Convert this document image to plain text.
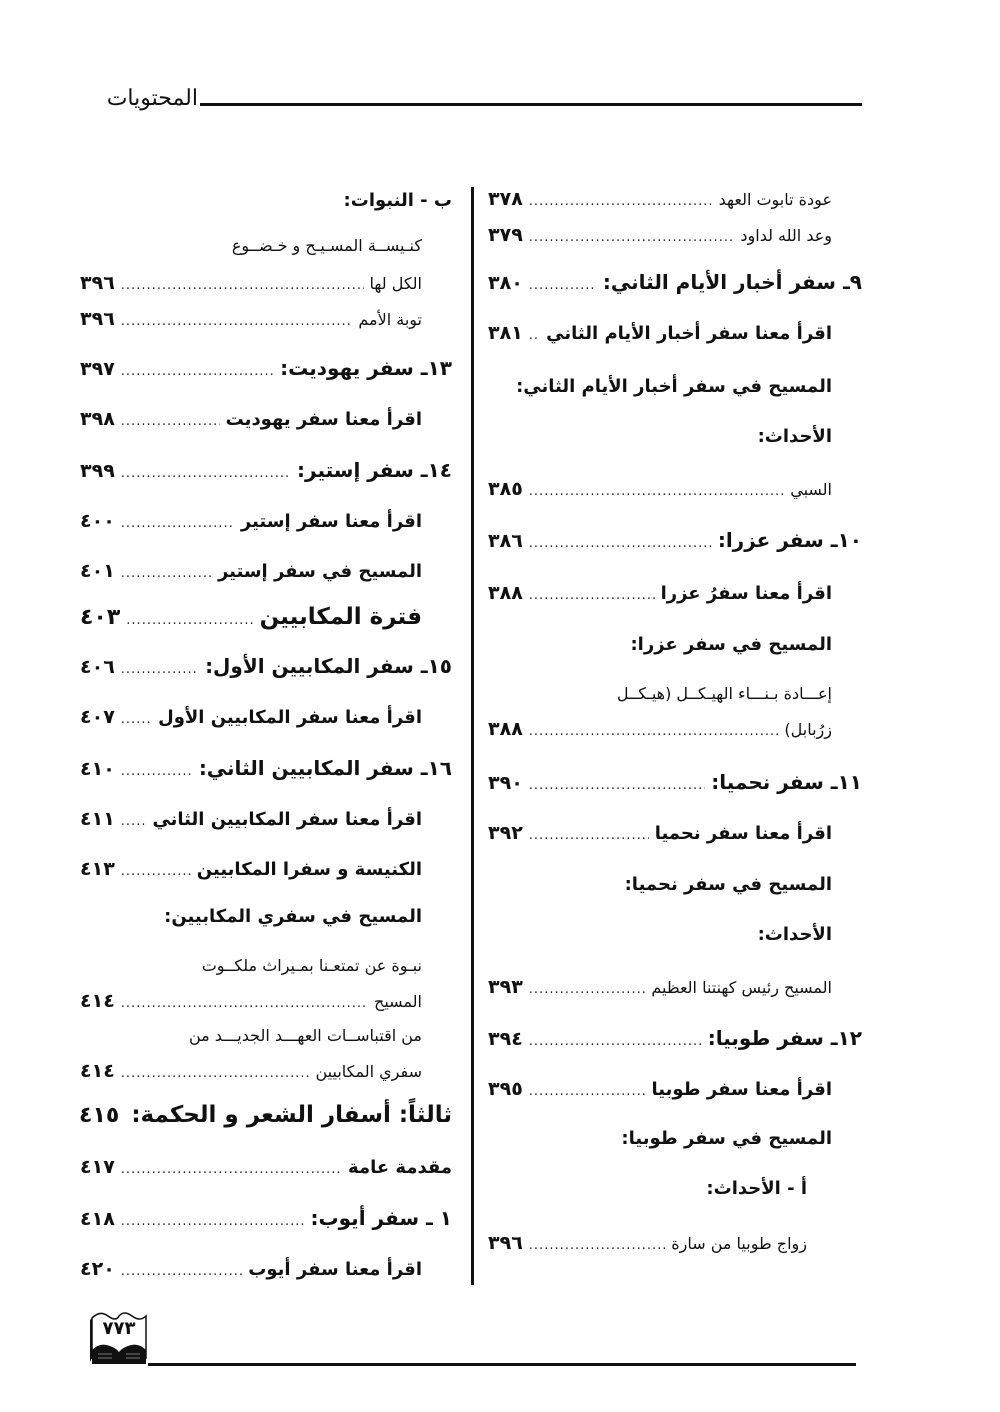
المحتويات
عودة تابوت العهد
.....
٣٧٨
وعد الله لداود
.....
٣٧٩
٩ـ سفر أخبار الأيام الثاني:
.....
٣٨٠
اقرأ معنا سفر أخبار الأيام الثاني
.....
٣٨١
المسيح في سفر أخبار الأيام الثاني:
الأحداث:
السبي
.....
٣٨٥
١٠ـ سفر عزرا:
.....
٣٨٦
اقرأ معنا سفرُ عزرا
.....
٣٨٨
المسيح في سفر عزرا:
إعـــادة بـنـــاء الهيـكــل (هيـكــل
زرُبابل)
.....
٣٨٨
١١ـ سفر نحميا:
.....
٣٩٠
اقرأ معنا سفر نحميا
.....
٣٩٢
المسيح في سفر نحميا:
الأحداث:
المسيح رئيس كهنتنا العظيم
.....
٣٩٣
١٢ـ سفر طوبيا:
.....
٣٩٤
اقرأ معنا سفر طوبيا
.....
٣٩٥
المسيح في سفر طوبيا:
أ - الأحداث:
زواج طوبيا من سارة
.....
٣٩٦
ب - النبوات:
كنـيســة المسـيـح و خـضــوع
الكل لها
.....
٣٩٦
توبة الأمم
.....
٣٩٦
١٣ـ سفر يهوديت:
.....
٣٩٧
اقرأ معنا سفر يهوديت
.....
٣٩٨
١٤ـ سفر إستير:
.....
٣٩٩
اقرأ معنا سفر إستير
.....
٤٠٠
المسيح في سفر إستير
.....
٤٠١
فترة المكابيين
.....
٤٠٣
١٥ـ سفر المكابيين الأول:
.....
٤٠٦
اقرأ معنا سفر المكابيين الأول
.....
٤٠٧
١٦ـ سفر المكابيين الثاني:
.....
٤١٠
اقرأ معنا سفر المكابيين الثاني
.....
٤١١
الكنيسة و سفرا المكابيين
.....
٤١٣
المسيح في سفري المكابيين:
نبـوة عن تمتعـنا بمـيراث ملكــوت
المسيح
.....
٤١٤
من اقتباســات العهـــد الجديـــد من
سفري المكابيين
.....
٤١٤
ثالثاً: أسفار الشعر و الحكمة:
٤١٥
مقدمة عامة
.....
٤١٧
١ ـ سفر أيوب:
.....
٤١٨
اقرأ معنا سفر أيوب
.....
٤٢٠
٧٧٣
